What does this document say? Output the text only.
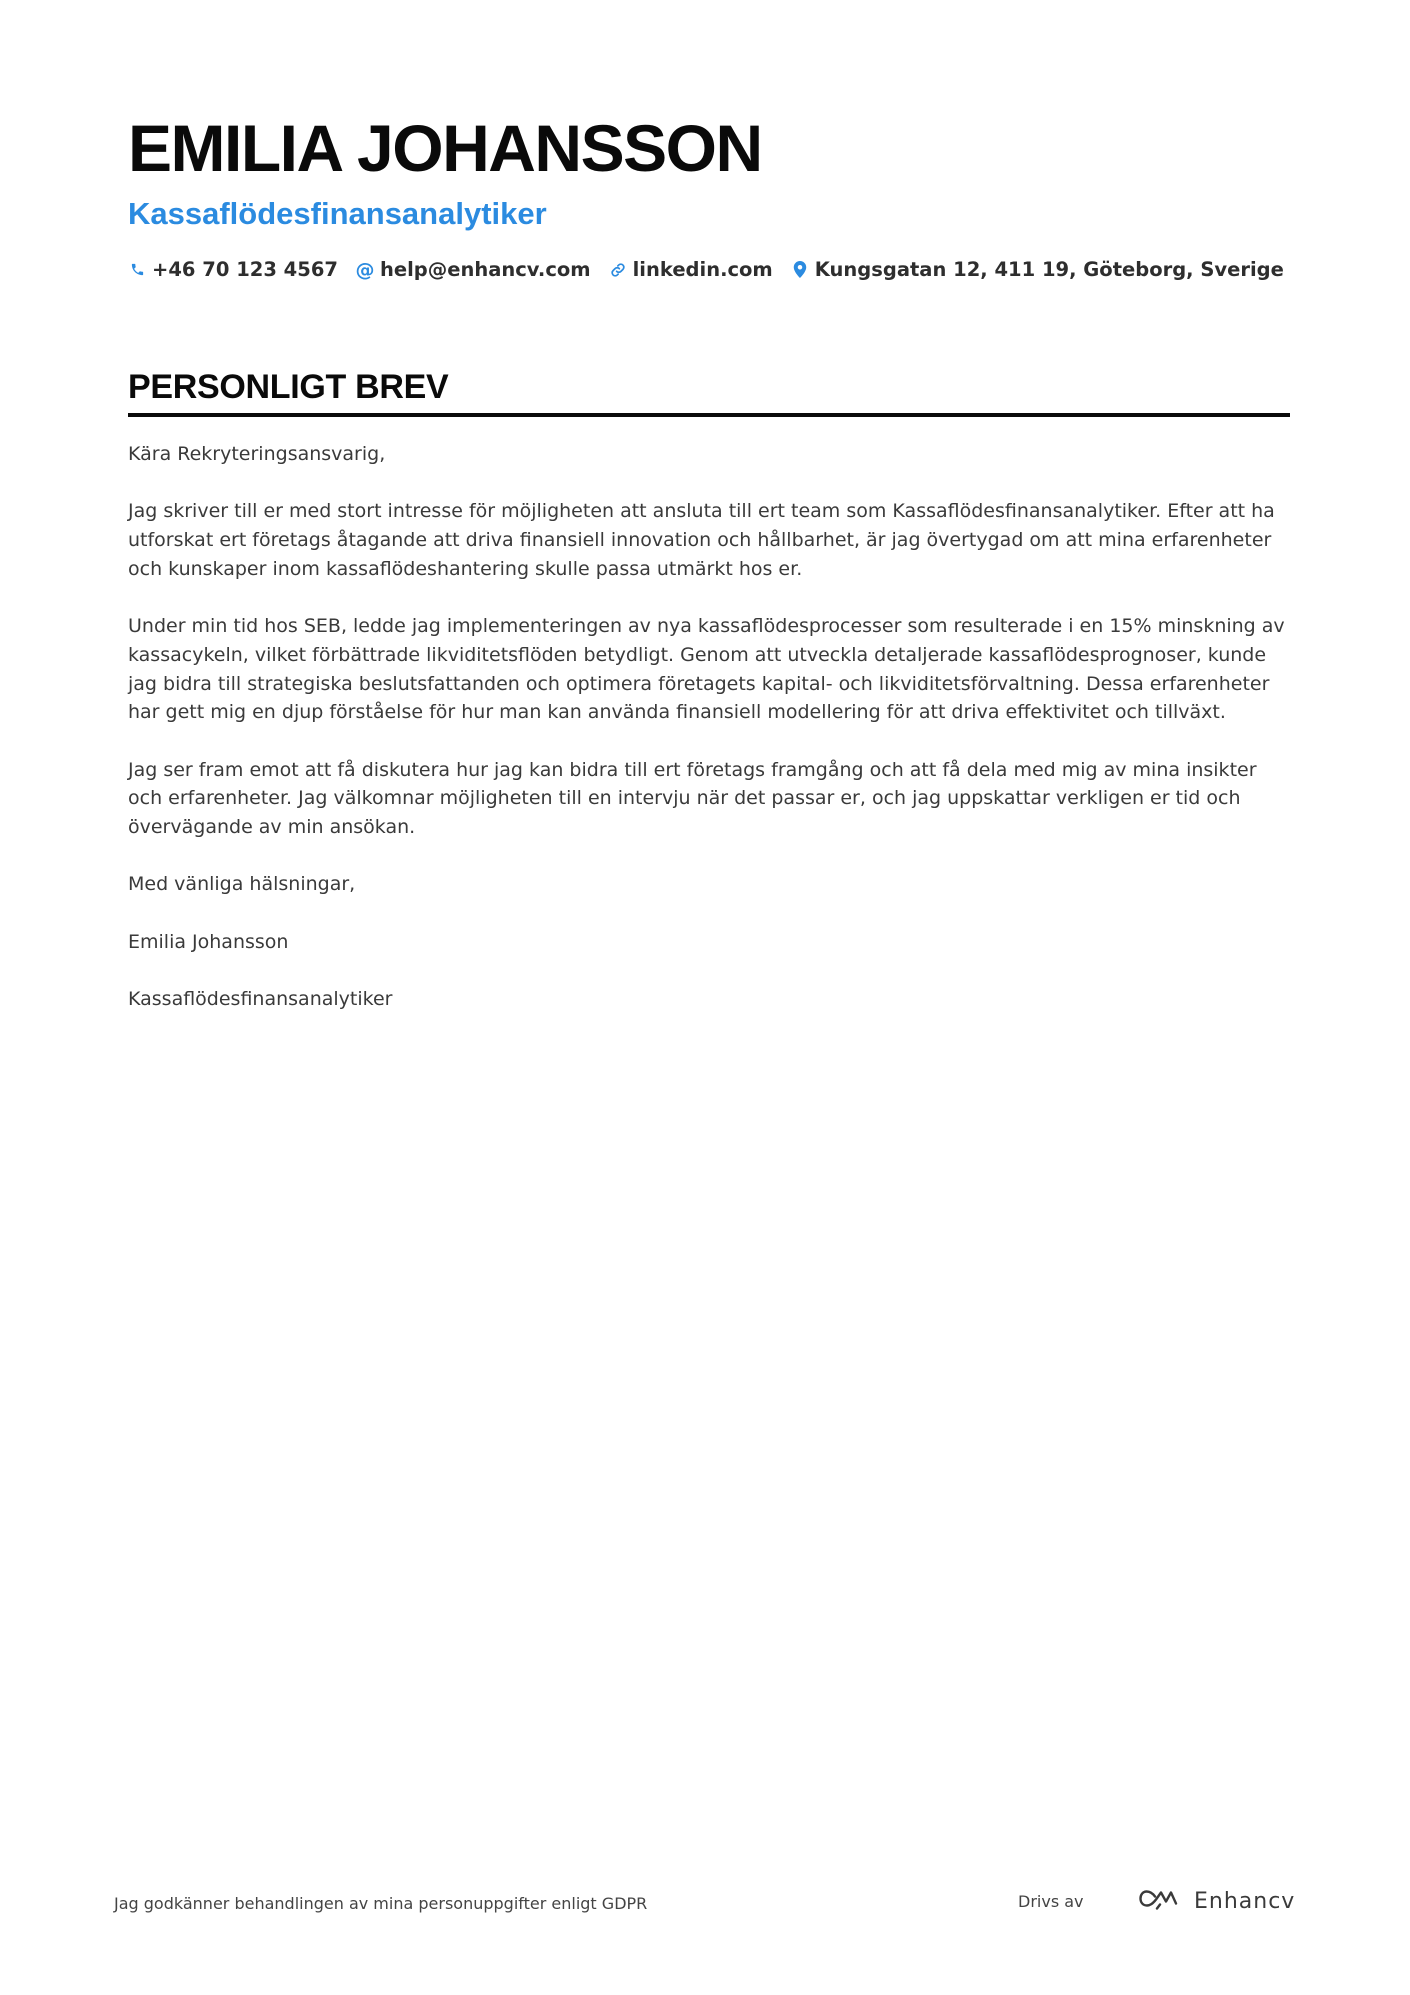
EMILIA JOHANSSON
Kassaflödesfinansanalytiker
+46 70 123 4567 @ help@enhancv.com linkedin.com Kungsgatan 12, 411 19, Göteborg, Sverige
PERSONLIGT BREV

Kära Rekryteringsansvarig,

Jag skriver till er med stort intresse för möjligheten att ansluta till ert team som Kassaflödesfinansanalytiker. Efter att ha utforskat ert företags åtagande att driva finansiell innovation och hållbarhet, är jag övertygad om att mina erfarenheter och kunskaper inom kassaflödeshantering skulle passa utmärkt hos er.

Under min tid hos SEB, ledde jag implementeringen av nya kassaflödesprocesser som resulterade i en 15% minskning av kassacykeln, vilket förbättrade likviditetsflöden betydligt. Genom att utveckla detaljerade kassaflödesprognoser, kunde jag bidra till strategiska beslutsfattanden och optimera företagets kapital- och likviditetsförvaltning. Dessa erfarenheter har gett mig en djup förståelse för hur man kan använda finansiell modellering för att driva effektivitet och tillväxt.

Jag ser fram emot att få diskutera hur jag kan bidra till ert företags framgång och att få dela med mig av mina insikter och erfarenheter. Jag välkomnar möjligheten till en intervju när det passar er, och jag uppskattar verkligen er tid och övervägande av min ansökan.

Med vänliga hälsningar,

Emilia Johansson

Kassaflödesfinansanalytiker

Jag godkänner behandlingen av mina personuppgifter enligt GDPR	Drivs av	Enhancv
